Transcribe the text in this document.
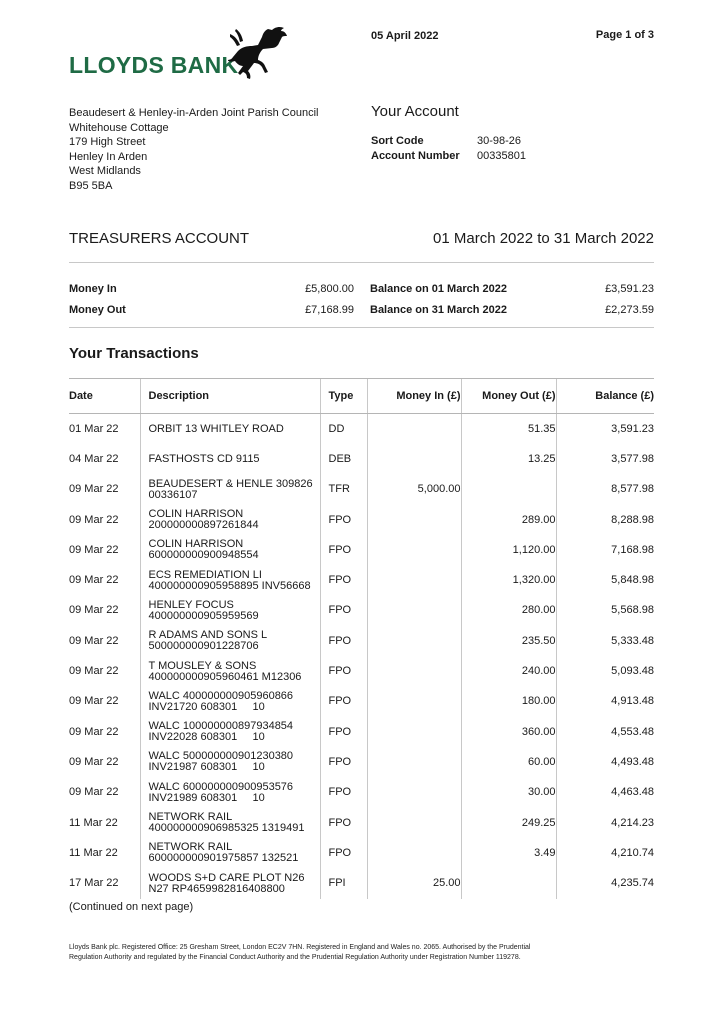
LLOYDS BANK
05 April 2022	Page 1 of 3
Beaudesert & Henley-in-Arden Joint Parish Council
Whitehouse Cottage
179 High Street
Henley In Arden
West Midlands
B95 5BA
Your Account
Sort Code	30-98-26
Account Number 00335801
TREASURERS ACCOUNT	01 March 2022 to 31 March 2022
Money In	£5,800.00
Money Out	£7,168.99
Balance on 01 March 2022	£3,591.23
Balance on 31 March 2022	£2,273.59
Your Transactions
Date	Description	Type	Money In (£)	Money Out (£)	Balance (£)
01 Mar 22	ORBIT 13 WHITLEY ROAD	DD		51.35	3,591.23
04 Mar 22	FASTHOSTS CD 9115	DEB		13.25	3,577.98
09 Mar 22	BEAUDESERT & HENLE 309826
00336107	TFR	5,000.00		8,577.98
09 Mar 22	COLIN HARRISON
200000000897261844	FPO		289.00	8,288.98
09 Mar 22	COLIN HARRISON
600000000900948554	FPO		1,120.00	7,168.98
09 Mar 22	ECS REMEDIATION LI
400000000905958895 INV56668	FPO		1,320.00	5,848.98
09 Mar 22	HENLEY FOCUS
400000000905959569	FPO		280.00	5,568.98
09 Mar 22	R ADAMS AND SONS L
500000000901228706	FPO		235.50	5,333.48
09 Mar 22	T MOUSLEY & SONS
400000000905960461 M12306	FPO		240.00	5,093.48
09 Mar 22	WALC 400000000905960866
INV21720 608301     10	FPO		180.00	4,913.48
09 Mar 22	WALC 100000000897934854
INV22028 608301     10	FPO		360.00	4,553.48
09 Mar 22	WALC 500000000901230380
INV21987 608301     10	FPO		60.00	4,493.48
09 Mar 22	WALC 600000000900953576
INV21989 608301     10	FPO		30.00	4,463.48
11 Mar 22	NETWORK RAIL
400000000906985325 1319491	FPO		249.25	4,214.23
11 Mar 22	NETWORK RAIL
600000000901975857 132521	FPO		3.49	4,210.74
17 Mar 22	WOODS S+D CARE PLOT N26
N27 RP4659982816408800	FPI	25.00		4,235.74
(Continued on next page)
Lloyds Bank plc. Registered Office: 25 Gresham Street, London EC2V 7HN. Registered in England and Wales no. 2065. Authorised by the Prudential Regulation Authority and regulated by the Financial Conduct Authority and the Prudential Regulation Authority under Registration Number 119278.
